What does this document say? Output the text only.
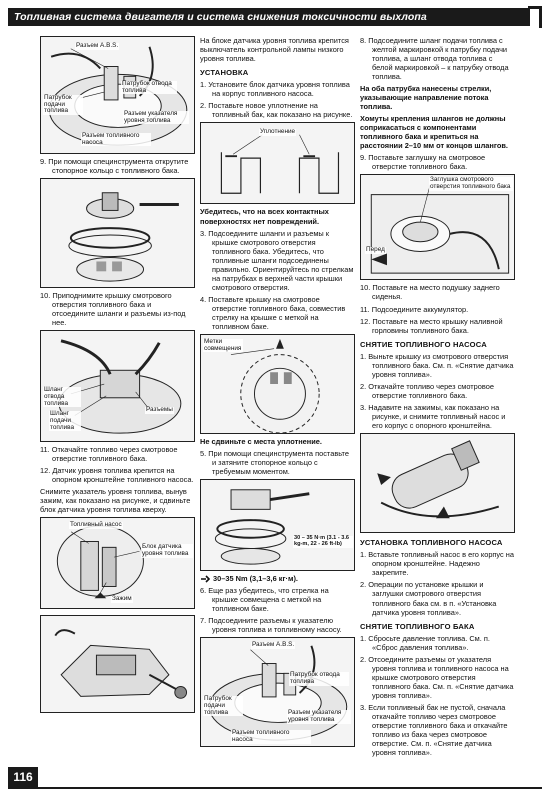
Топливная система двигателя и система снижения токсичности выхлопа
Разъем A.B.S.
Патрубок отвода топлива
Патрубок подачи топлива	Разъем указателя уровня топлива
Разъем топливного насоса

9. При помощи специнструмента открутите стопорное кольцо с топливного бака.

10. Приподнимите крышку смотрового отверстия топливного бака и отсоедините шланги и разъемы из-под нее.

Шланг отвода топлива
Шланг подачи топлива
Разъемы

11. Откачайте топливо через смотровое отверстие топливного бака.

12. Датчик уровня топлива крепится на опорном кронштейне топливного насоса.

Снимите указатель уровня топлива, вынув зажим, как показано на рисунке, и сдвиньте блок датчика уровня топлива кверху.

Топливный насос
Блок датчика уровня топлива
Зажим

На блоке датчика уровня топлива крепится выключатель контрольной лампы низкого уровня топлива.

УСТАНОВКА

1. Установите блок датчика уровня топлива на корпус топливного насоса.

2. Поставьте новое уплотнение на топливный бак, как показано на рисунке.

Уплотнение

Убедитесь, что на всех контактных поверхностях нет повреждений.

3. Подсоедините шланги и разъемы к крышке смотрового отверстия топливного бака. Убедитесь, что топливные шланги подсоединены правильно. Ориентируйтесь по стрелкам на патрубках в верхней части крышки смотрового отверстия.

4. Поставьте крышку на смотровое отверстие топливного бака, совместив стрелку на крышке с меткой на топливном баке.

Метки совмещения

Не сдвиньте с места уплотнение.

5. При помощи специнструмента поставьте и затяните стопорное кольцо с требуемым моментом.

30 – 35 N·m (3.1 - 3.6 kg-m, 22 - 26 ft-lb)
30–35 Nm (3,1–3,6 кг·м).

6. Еще раз убедитесь, что стрелка на крышке совмещена с меткой на топливном баке.

7. Подсоедините разъемы к указателю уровня топлива и топливному насосу.

Разъем A.B.S.
Патрубок отвода топлива
Патрубок подачи топлива	Разъем указателя уровня топлива
Разъем топливного насоса

8. Подсоедините шланг подачи топлива с желтой маркировкой к патрубку подачи топлива, а шланг отвода топлива с белой маркировкой – к патрубку отвода топлива.

На оба патрубка нанесены стрелки, указывающие направление потока топлива.

Хомуты крепления шлангов не должны соприкасаться с компонентами топливного бака и крепиться на расстоянии 2–10 мм от концов шлангов.

9. Поставьте заглушку на смотровое отверстие топливного бака.

Заглушка смотрового отверстия топливного бака
Перед

10. Поставьте на место подушку заднего сиденья.

11. Подсоедините аккумулятор.

12. Поставьте на место крышку наливной горловины топливного бака.

СНЯТИЕ ТОПЛИВНОГО НАСОСА

1. Выньте крышку из смотрового отверстия топливного бака. См. п. «Снятие датчика уровня топлива».

2. Откачайте топливо через смотровое отверстие топливного бака.

3. Надавите на зажимы, как показано на рисунке, и снимите топливный насос и его корпус с опорного кронштейна.

УСТАНОВКА ТОПЛИВНОГО НАСОСА

1. Вставьте топливный насос в его корпус на опорном кронштейне. Надежно закрепите.

2. Операции по установке крышки и заглушки смотрового отверстия топливного бака см. в п. «Установка датчика уровня топлива».

СНЯТИЕ ТОПЛИВНОГО БАКА

1. Сбросьте давление топлива. См. п. «Сброс давления топлива».

2. Отсоедините разъемы от указателя уровня топлива и топливного насоса на крышке смотрового отверстия топливного бака. См. п. «Снятие датчика уровня топлива».

3. Если топливный бак не пустой, сначала откачайте топливо через смотровое отверстие топливного бака и откачайте топливо из бака через смотровое отверстие. См. п. «Снятие датчика уровня топлива».

116
